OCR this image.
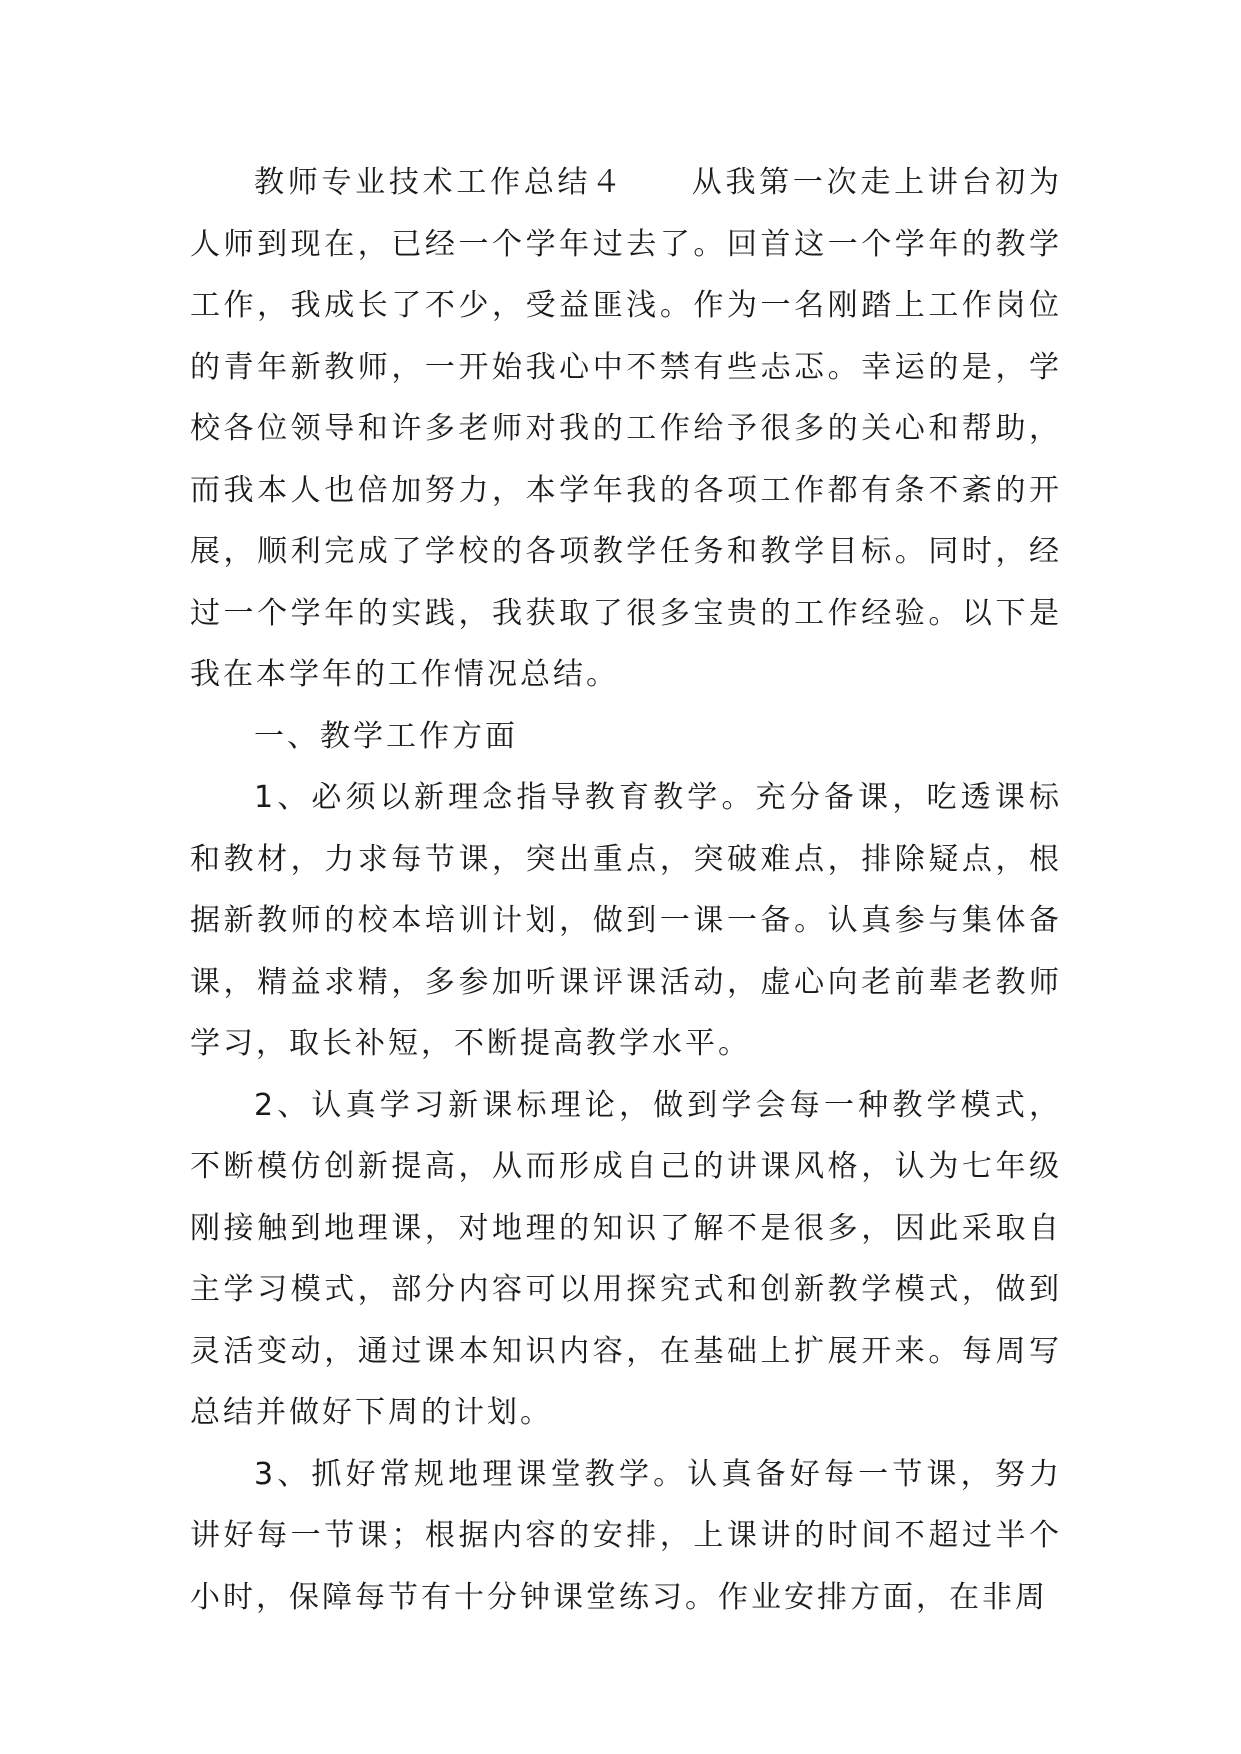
教师专业技术工作总结４ 从我第一次走上讲台初为人师到现在，已经一个学年过去了。回首这一个学年的教学工作，我成长了不少，受益匪浅。作为一名刚踏上工作岗位的青年新教师，一开始我心中不禁有些忐忑。幸运的是，学校各位领导和许多老师对我的工作给予很多的关心和帮助，而我本人也倍加努力，本学年我的各项工作都有条不紊的开展，顺利完成了学校的各项教学任务和教学目标。同时，经过一个学年的实践，我获取了很多宝贵的工作经验。以下是我在本学年的工作情况总结。

一、教学工作方面

1、必须以新理念指导教育教学。充分备课，吃透课标和教材，力求每节课，突出重点，突破难点，排除疑点，根据新教师的校本培训计划，做到一课一备。认真参与集体备课，精益求精，多参加听课评课活动，虚心向老前辈老教师学习，取长补短，不断提高教学水平。

2、认真学习新课标理论，做到学会每一种教学模式，不断模仿创新提高，从而形成自己的讲课风格，认为七年级刚接触到地理课，对地理的知识了解不是很多，因此采取自主学习模式，部分内容可以用探究式和创新教学模式，做到灵活变动，通过课本知识内容，在基础上扩展开来。每周写总结并做好下周的计划。

3、抓好常规地理课堂教学。认真备好每一节课，努力讲好每一节课；根据内容的安排，上课讲的时间不超过半个小时，保障每节有十分钟课堂练习。作业安排方面，在非周
